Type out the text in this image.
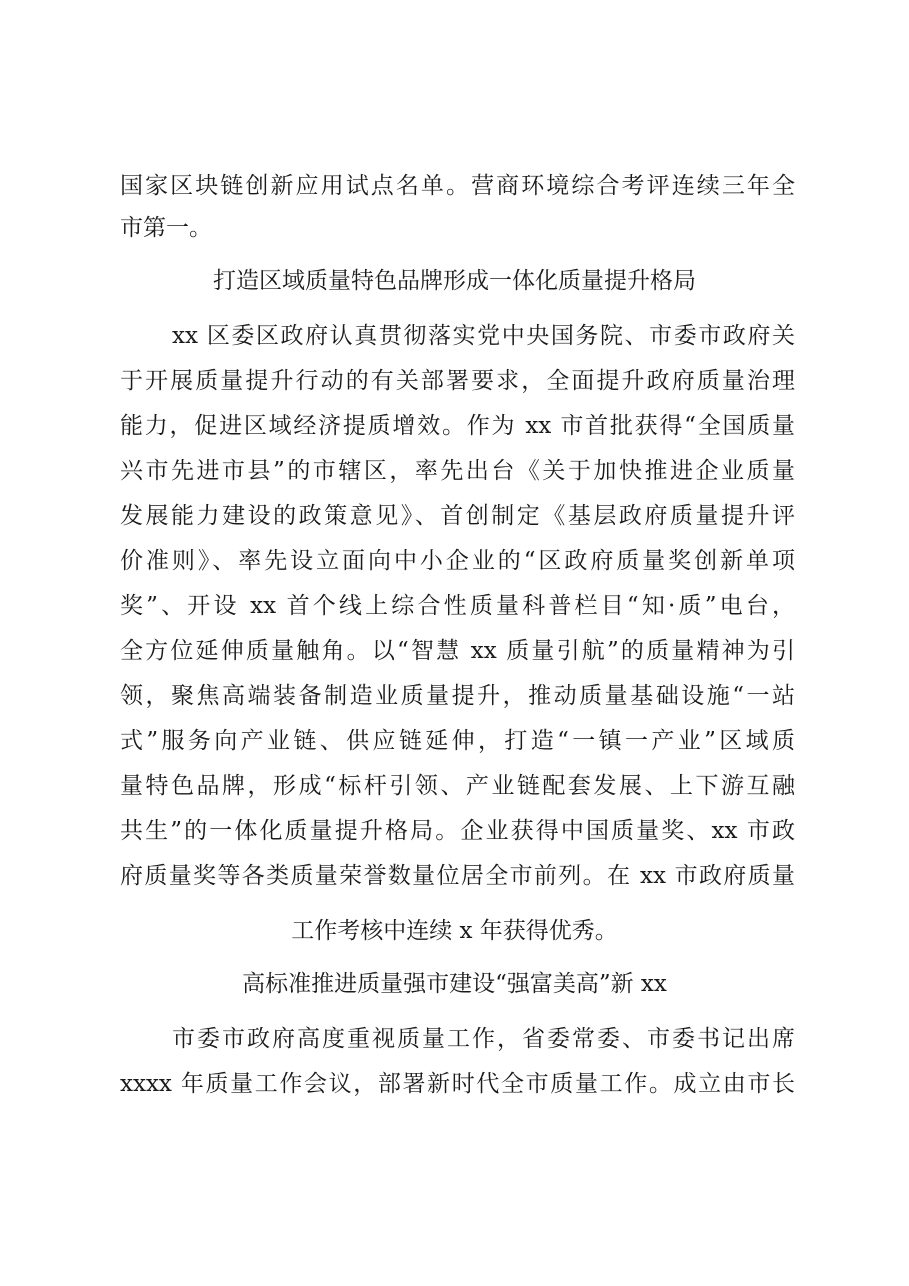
国家区块链创新应用试点名单。营商环境综合考评连续三年全
市第一。
打造区域质量特色品牌形成一体化质量提升格局
xx 区委区政府认真贯彻落实党中央国务院、市委市政府关
于开展质量提升行动的有关部署要求，全面提升政府质量治理
能力，促进区域经济提质增效。作为 xx 市首批获得“全国质量
兴市先进市县”的市辖区，率先出台《关于加快推进企业质量
发展能力建设的政策意见》、首创制定《基层政府质量提升评
价准则》、率先设立面向中小企业的“区政府质量奖创新单项
奖”、开设 xx 首个线上综合性质量科普栏目“知·质”电台，
全方位延伸质量触角。以“智慧 xx 质量引航”的质量精神为引
领，聚焦高端装备制造业质量提升，推动质量基础设施“一站
式”服务向产业链、供应链延伸，打造“一镇一产业”区域质
量特色品牌，形成“标杆引领、产业链配套发展、上下游互融
共生”的一体化质量提升格局。企业获得中国质量奖、xx 市政
府质量奖等各类质量荣誉数量位居全市前列。在 xx 市政府质量
工作考核中连续 x 年获得优秀。
高标准推进质量强市建设“强富美高”新 xx
市委市政府高度重视质量工作，省委常委、市委书记出席
xxxx 年质量工作会议，部署新时代全市质量工作。成立由市长
